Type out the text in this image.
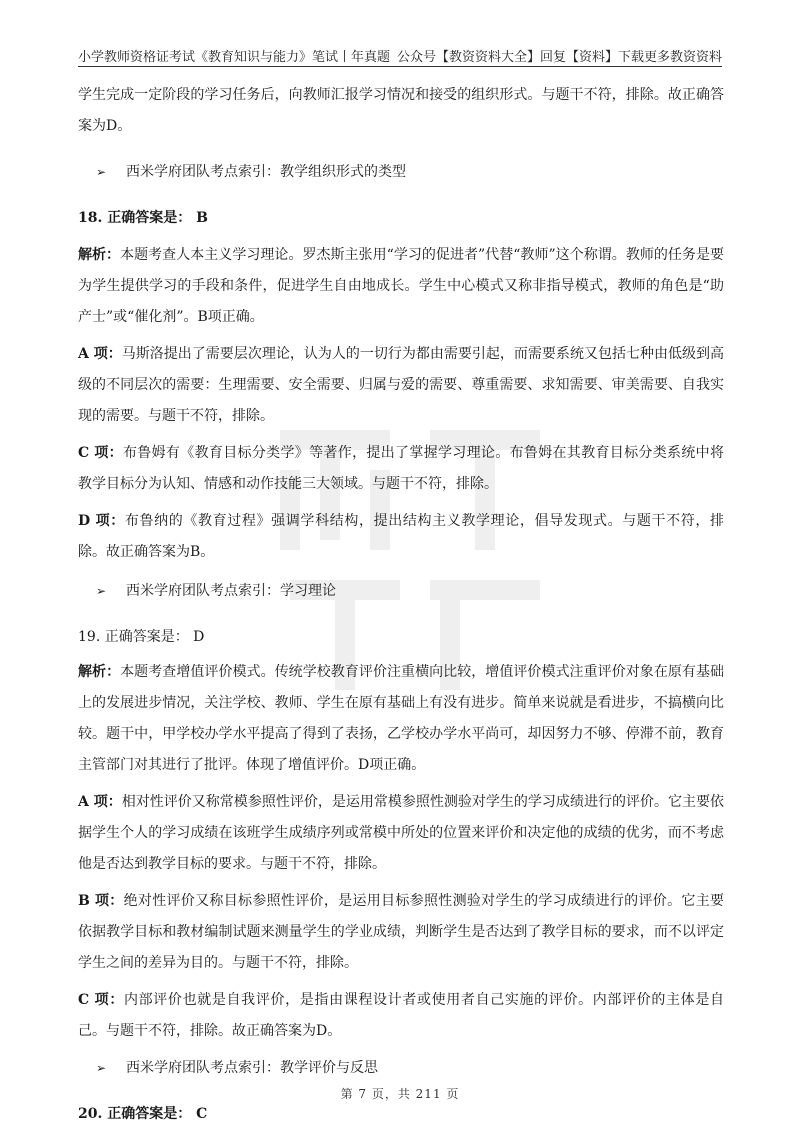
小学教师资格证考试《教育知识与能力》笔试丨年真题 公众号【教资资料大全】回复【资料】下载更多教资资料

学生完成一定阶段的学习任务后，向教师汇报学习情况和接受的组织形式。与题干不符，排除。故正确答案为D。

➢ 西米学府团队考点索引：教学组织形式的类型

18. 正确答案是： B

解析：本题考查人本主义学习理论。罗杰斯主张用“学习的促进者”代替“教师”这个称谓。教师的任务是要为学生提供学习的手段和条件，促进学生自由地成长。学生中心模式又称非指导模式，教师的角色是“助产士”或“催化剂”。B项正确。

A 项：马斯洛提出了需要层次理论，认为人的一切行为都由需要引起，而需要系统又包括七种由低级到高级的不同层次的需要：生理需要、安全需要、归属与爱的需要、尊重需要、求知需要、审美需要、自我实现的需要。与题干不符，排除。

C 项：布鲁姆有《教育目标分类学》等著作，提出了掌握学习理论。布鲁姆在其教育目标分类系统中将教学目标分为认知、情感和动作技能三大领域。与题干不符，排除。

D 项：布鲁纳的《教育过程》强调学科结构，提出结构主义教学理论，倡导发现式。与题干不符，排除。故正确答案为B。

➢ 西米学府团队考点索引：学习理论

19. 正确答案是： D

解析：本题考查增值评价模式。传统学校教育评价注重横向比较，增值评价模式注重评价对象在原有基础上的发展进步情况，关注学校、教师、学生在原有基础上有没有进步。简单来说就是看进步，不搞横向比较。题干中，甲学校办学水平提高了得到了表扬，乙学校办学水平尚可，却因努力不够、停滞不前，教育主管部门对其进行了批评。体现了增值评价。D项正确。

A 项：相对性评价又称常模参照性评价，是运用常模参照性测验对学生的学习成绩进行的评价。它主要依据学生个人的学习成绩在该班学生成绩序列或常模中所处的位置来评价和决定他的成绩的优劣，而不考虑他是否达到教学目标的要求。与题干不符，排除。

B 项：绝对性评价又称目标参照性评价，是运用目标参照性测验对学生的学习成绩进行的评价。它主要依据教学目标和教材编制试题来测量学生的学业成绩，判断学生是否达到了教学目标的要求，而不以评定学生之间的差异为目的。与题干不符，排除。

C 项：内部评价也就是自我评价，是指由课程设计者或使用者自己实施的评价。内部评价的主体是自己。与题干不符，排除。故正确答案为D。

➢ 西米学府团队考点索引：教学评价与反思

20. 正确答案是： C

第 7 页，共 211 页
